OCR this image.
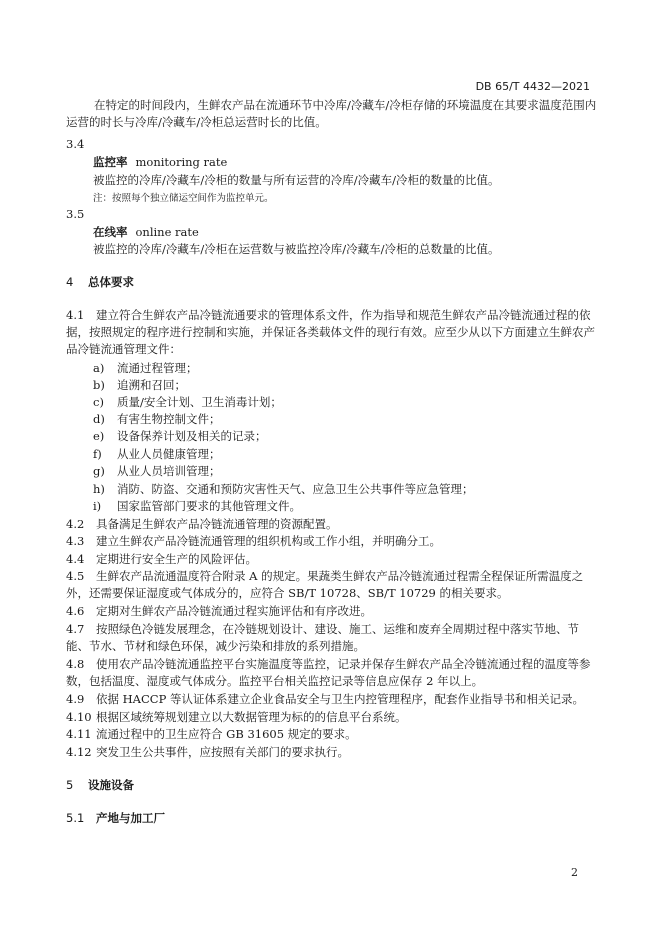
DB 65/T 4432—2021
在特定的时间段内，生鲜农产品在流通环节中冷库/冷藏车/冷柜存储的环境温度在其要求温度范围内运营的时长与冷库/冷藏车/冷柜总运营时长的比值。
3.4
监控率 monitoring rate
被监控的冷库/冷藏车/冷柜的数量与所有运营的冷库/冷藏车/冷柜的数量的比值。
注：按照每个独立储运空间作为监控单元。
3.5
在线率 online rate
被监控的冷库/冷藏车/冷柜在运营数与被监控冷库/冷藏车/冷柜的总数量的比值。
4 总体要求
4.1 建立符合生鲜农产品冷链流通要求的管理体系文件，作为指导和规范生鲜农产品冷链流通过程的依据，按照规定的程序进行控制和实施，并保证各类载体文件的现行有效。应至少从以下方面建立生鲜农产品冷链流通管理文件：
a) 流通过程管理；
b) 追溯和召回；
c) 质量/安全计划、卫生消毒计划；
d) 有害生物控制文件；
e) 设备保养计划及相关的记录；
f) 从业人员健康管理；
g) 从业人员培训管理；
h) 消防、防盗、交通和预防灾害性天气、应急卫生公共事件等应急管理；
i) 国家监管部门要求的其他管理文件。
4.2 具备满足生鲜农产品冷链流通管理的资源配置。
4.3 建立生鲜农产品冷链流通管理的组织机构或工作小组，并明确分工。
4.4 定期进行安全生产的风险评估。
4.5 生鲜农产品流通温度符合附录 A 的规定。果蔬类生鲜农产品冷链流通过程需全程保证所需温度之外，还需要保证湿度或气体成分的，应符合 SB/T 10728、SB/T 10729 的相关要求。
4.6 定期对生鲜农产品冷链流通过程实施评估和有序改进。
4.7 按照绿色冷链发展理念，在冷链规划设计、建设、施工、运维和废弃全周期过程中落实节地、节能、节水、节材和绿色环保，减少污染和排放的系列措施。
4.8 使用农产品冷链流通监控平台实施温度等监控，记录并保存生鲜农产品全冷链流通过程的温度等参数，包括温度、湿度或气体成分。监控平台相关监控记录等信息应保存 2 年以上。
4.9 依据 HACCP 等认证体系建立企业食品安全与卫生内控管理程序，配套作业指导书和相关记录。
4.10 根据区域统筹规划建立以大数据管理为标的的信息平台系统。
4.11 流通过程中的卫生应符合 GB 31605 规定的要求。
4.12 突发卫生公共事件，应按照有关部门的要求执行。
5 设施设备
5.1 产地与加工厂
2
